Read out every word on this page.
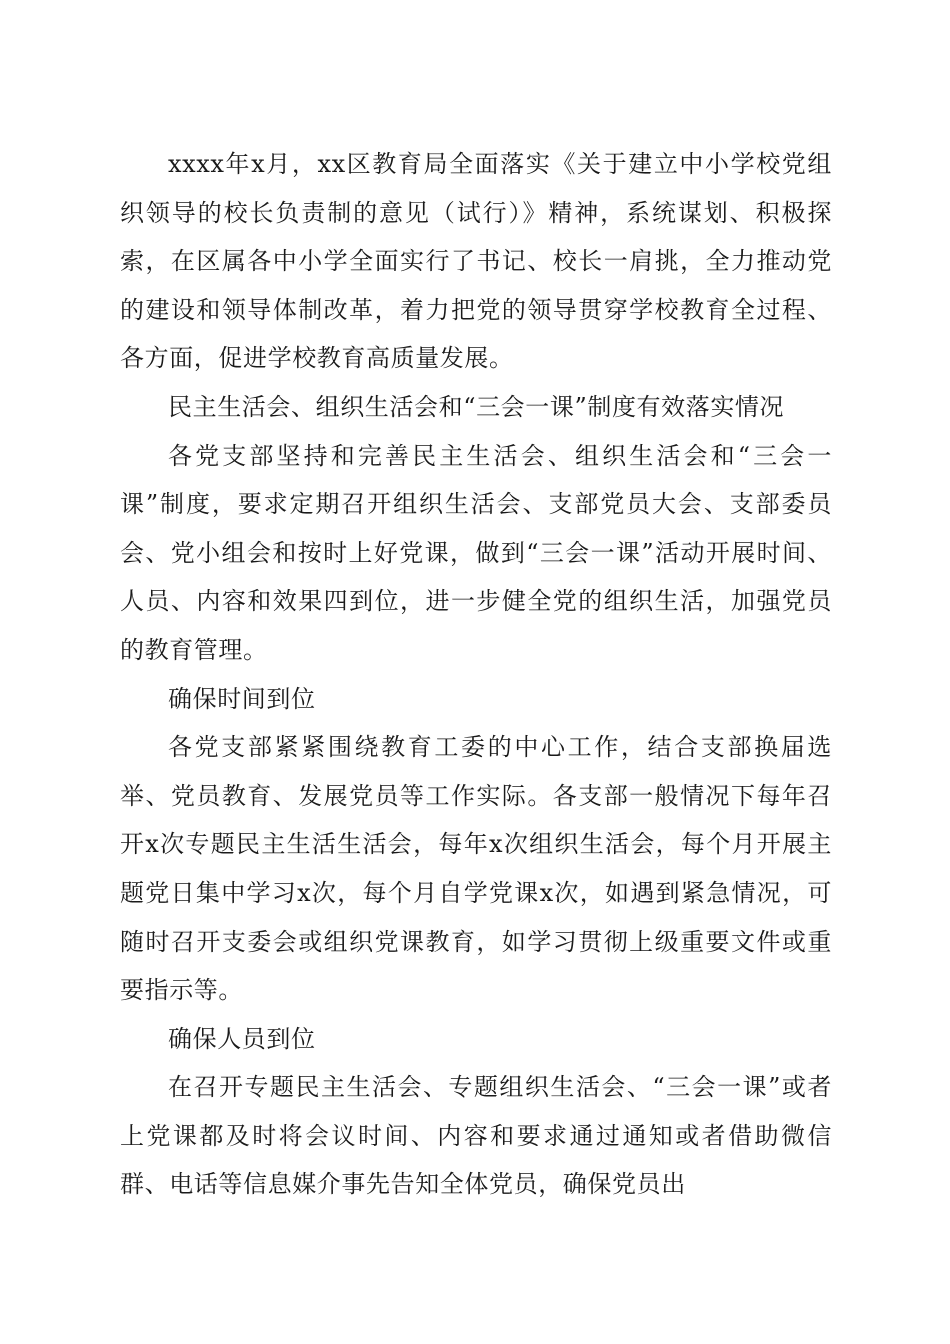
xxxx年x月，xx区教育局全面落实《关于建立中小学校党组织领导的校长负责制的意见（试行）》精神，系统谋划、积极探索，在区属各中小学全面实行了书记、校长一肩挑，全力推动党的建设和领导体制改革，着力把党的领导贯穿学校教育全过程、各方面，促进学校教育高质量发展。

民主生活会、组织生活会和“三会一课”制度有效落实情况

各党支部坚持和完善民主生活会、组织生活会和“三会一课”制度，要求定期召开组织生活会、支部党员大会、支部委员会、党小组会和按时上好党课，做到“三会一课”活动开展时间、人员、内容和效果四到位，进一步健全党的组织生活，加强党员的教育管理。

确保时间到位

各党支部紧紧围绕教育工委的中心工作，结合支部换届选举、党员教育、发展党员等工作实际。各支部一般情况下每年召开x次专题民主生活生活会，每年x次组织生活会，每个月开展主题党日集中学习x次，每个月自学党课x次，如遇到紧急情况，可随时召开支委会或组织党课教育，如学习贯彻上级重要文件或重要指示等。

确保人员到位

在召开专题民主生活会、专题组织生活会、“三会一课”或者上党课都及时将会议时间、内容和要求通过通知或者借助微信群、电话等信息媒介事先告知全体党员，确保党员出
